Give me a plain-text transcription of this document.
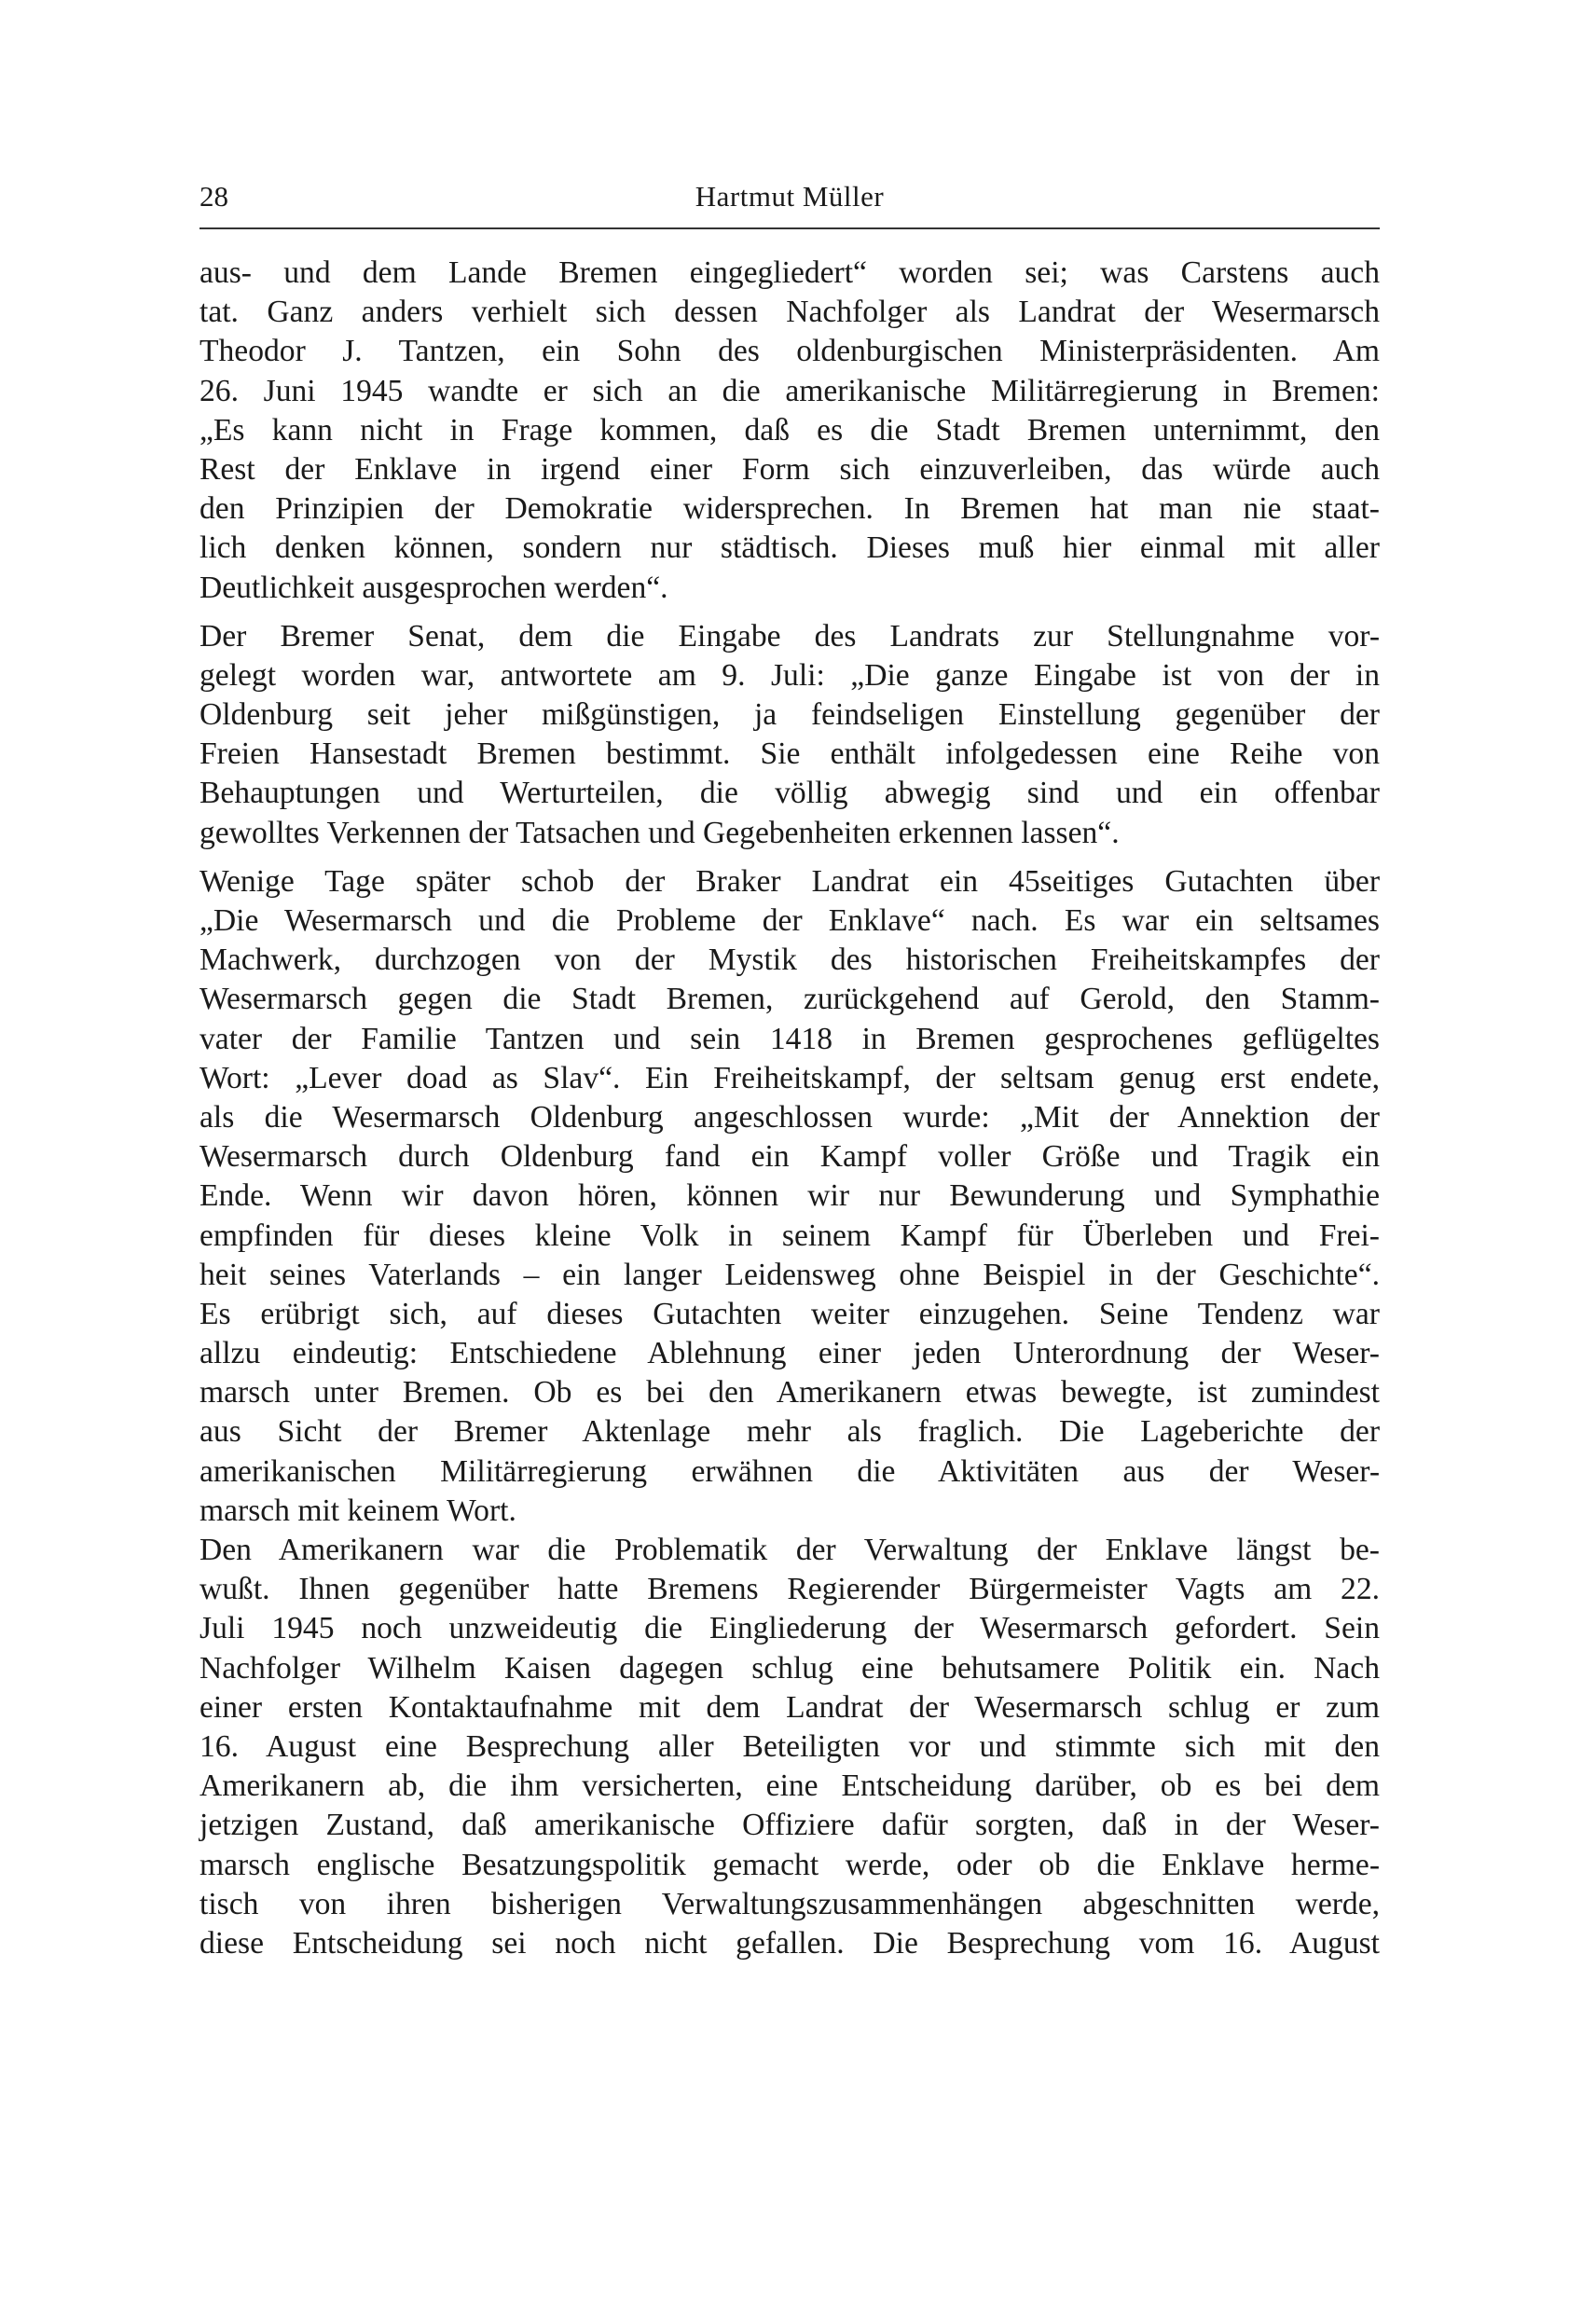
28	Hartmut Müller

aus- und dem Lande Bremen eingegliedert“ worden sei; was Carstens auch
tat. Ganz anders verhielt sich dessen Nachfolger als Landrat der Wesermarsch
Theodor J. Tantzen, ein Sohn des oldenburgischen Ministerpräsidenten. Am
26. Juni 1945 wandte er sich an die amerikanische Militärregierung in Bremen:
„Es kann nicht in Frage kommen, daß es die Stadt Bremen unternimmt, den
Rest der Enklave in irgend einer Form sich einzuverleiben, das würde auch
den Prinzipien der Demokratie widersprechen. In Bremen hat man nie staat-
lich denken können, sondern nur städtisch. Dieses muß hier einmal mit aller
Deutlichkeit ausgesprochen werden“.

Der Bremer Senat, dem die Eingabe des Landrats zur Stellungnahme vor-
gelegt worden war, antwortete am 9. Juli: „Die ganze Eingabe ist von der in
Oldenburg seit jeher mißgünstigen, ja feindseligen Einstellung gegenüber der
Freien Hansestadt Bremen bestimmt. Sie enthält infolgedessen eine Reihe von
Behauptungen und Werturteilen, die völlig abwegig sind und ein offenbar
gewolltes Verkennen der Tatsachen und Gegebenheiten erkennen lassen“.

Wenige Tage später schob der Braker Landrat ein 45seitiges Gutachten über
„Die Wesermarsch und die Probleme der Enklave“ nach. Es war ein seltsames
Machwerk, durchzogen von der Mystik des historischen Freiheitskampfes der
Wesermarsch gegen die Stadt Bremen, zurückgehend auf Gerold, den Stamm-
vater der Familie Tantzen und sein 1418 in Bremen gesprochenes geflügeltes
Wort: „Lever doad as Slav“. Ein Freiheitskampf, der seltsam genug erst endete,
als die Wesermarsch Oldenburg angeschlossen wurde: „Mit der Annektion der
Wesermarsch durch Oldenburg fand ein Kampf voller Größe und Tragik ein
Ende. Wenn wir davon hören, können wir nur Bewunderung und Symphathie
empfinden für dieses kleine Volk in seinem Kampf für Überleben und Frei-
heit seines Vaterlands – ein langer Leidensweg ohne Beispiel in der Geschichte“.
Es erübrigt sich, auf dieses Gutachten weiter einzugehen. Seine Tendenz war
allzu eindeutig: Entschiedene Ablehnung einer jeden Unterordnung der Weser-
marsch unter Bremen. Ob es bei den Amerikanern etwas bewegte, ist zumindest
aus Sicht der Bremer Aktenlage mehr als fraglich. Die Lageberichte der
amerikanischen Militärregierung erwähnen die Aktivitäten aus der Weser-
marsch mit keinem Wort.

Den Amerikanern war die Problematik der Verwaltung der Enklave längst be-
wußt. Ihnen gegenüber hatte Bremens Regierender Bürgermeister Vagts am 22.
Juli 1945 noch unzweideutig die Eingliederung der Wesermarsch gefordert. Sein
Nachfolger Wilhelm Kaisen dagegen schlug eine behutsamere Politik ein. Nach
einer ersten Kontaktaufnahme mit dem Landrat der Wesermarsch schlug er zum
16. August eine Besprechung aller Beteiligten vor und stimmte sich mit den
Amerikanern ab, die ihm versicherten, eine Entscheidung darüber, ob es bei dem
jetzigen Zustand, daß amerikanische Offiziere dafür sorgten, daß in der Weser-
marsch englische Besatzungspolitik gemacht werde, oder ob die Enklave herme-
tisch von ihren bisherigen Verwaltungszusammenhängen abgeschnitten werde,
diese Entscheidung sei noch nicht gefallen. Die Besprechung vom 16. August
